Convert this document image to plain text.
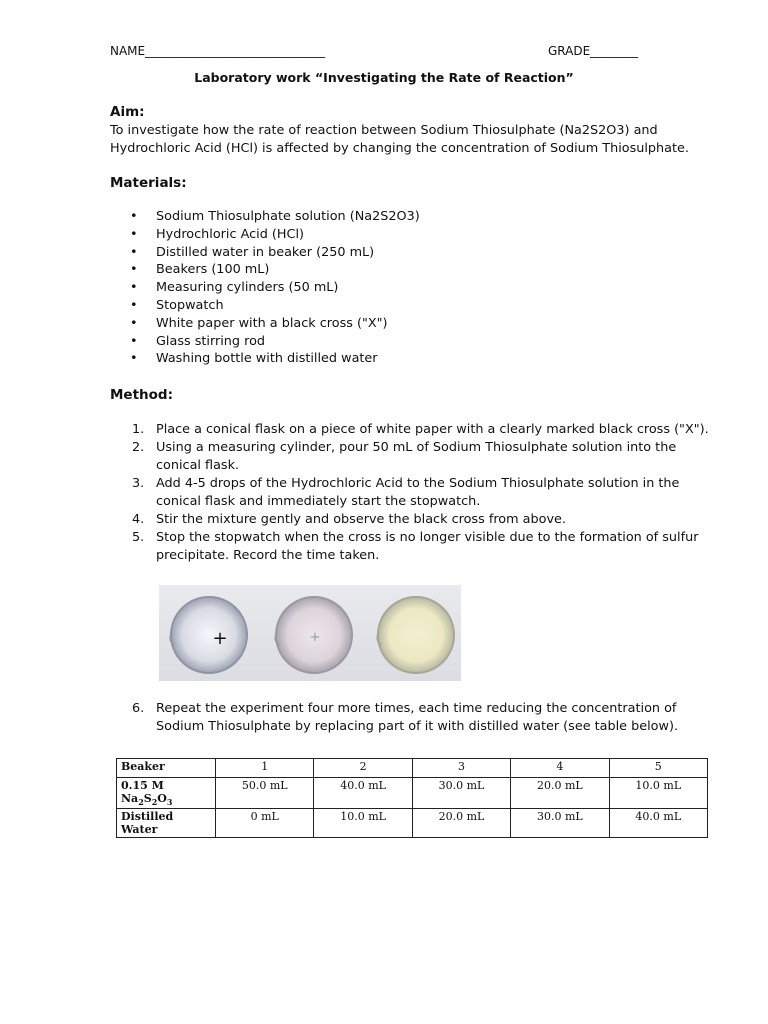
NAME______________________________	GRADE________
Laboratory work “Investigating the Rate of Reaction”
Aim:
To investigate how the rate of reaction between Sodium Thiosulphate (Na2S2O3) and Hydrochloric Acid (HCl) is affected by changing the concentration of Sodium Thiosulphate.
Materials:
• Sodium Thiosulphate solution (Na2S2O3)
• Hydrochloric Acid (HCl)
• Distilled water in beaker (250 mL)
• Beakers (100 mL)
• Measuring cylinders (50 mL)
• Stopwatch
• White paper with a black cross ("X")
• Glass stirring rod
• Washing bottle with distilled water
Method:
1. Place a conical flask on a piece of white paper with a clearly marked black cross ("X").
2. Using a measuring cylinder, pour 50 mL of Sodium Thiosulphate solution into the conical flask.
3. Add 4-5 drops of the Hydrochloric Acid to the Sodium Thiosulphate solution in the conical flask and immediately start the stopwatch.
4. Stir the mixture gently and observe the black cross from above.
5. Stop the stopwatch when the cross is no longer visible due to the formation of sulfur precipitate. Record the time taken.
+	+
6. Repeat the experiment four more times, each time reducing the concentration of Sodium Thiosulphate by replacing part of it with distilled water (see table below).
Beaker	1	2	3	4	5

0.15 M
$Na_2S_2O_3$	50.0 mL	40.0 mL	30.0 mL	20.0 mL	10.0 mL
Distilled Water	0 mL	10.0 mL	20.0 mL	30.0 mL	40.0 mL
